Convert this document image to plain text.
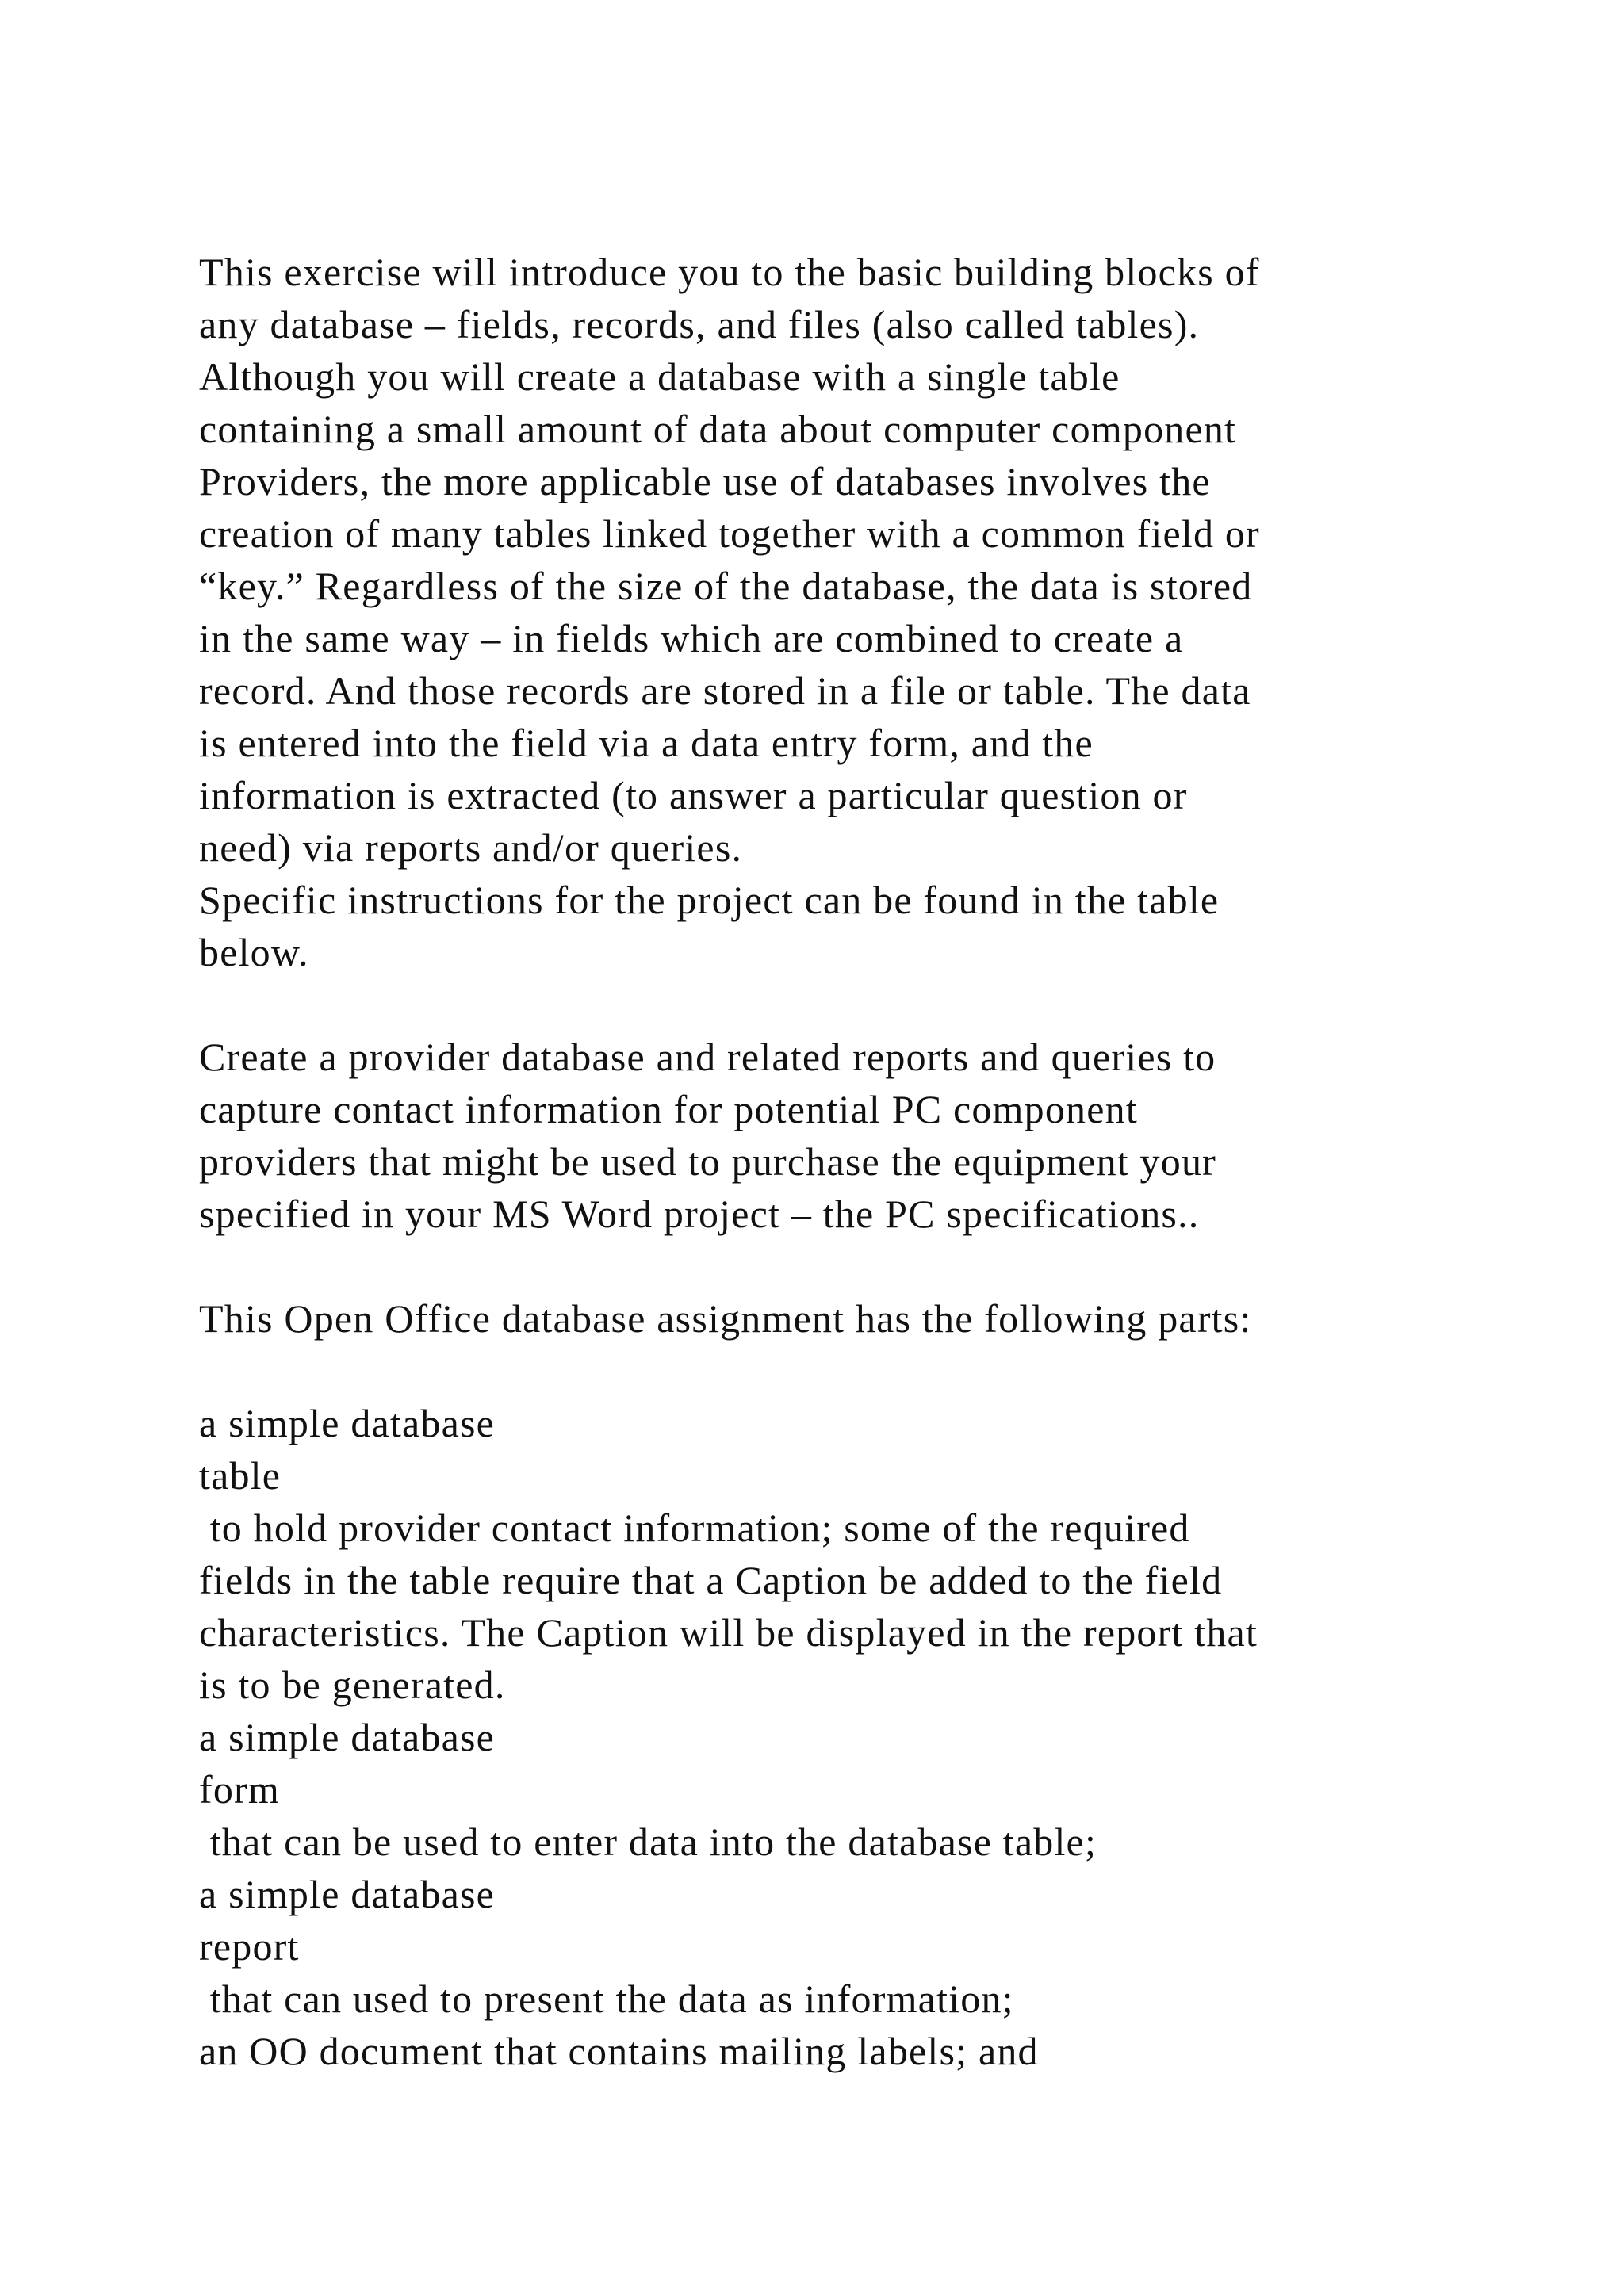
This exercise will introduce you to the basic building blocks of
any database – fields, records, and files (also called tables).
Although you will create a database with a single table
containing a small amount of data about computer component
Providers, the more applicable use of databases involves the
creation of many tables linked together with a common field or
“key.” Regardless of the size of the database, the data is stored
in the same way – in fields which are combined to create a
record. And those records are stored in a file or table. The data
is entered into the field via a data entry form, and the
information is extracted (to answer a particular question or
need) via reports and/or queries.
Specific instructions for the project can be found in the table
below.
Create a provider database and related reports and queries to
capture contact information for potential PC component
providers that might be used to purchase the equipment your
specified in your MS Word project – the PC specifications..
This Open Office database assignment has the following parts:
a simple database
table
to hold provider contact information; some of the required
fields in the table require that a Caption be added to the field
characteristics. The Caption will be displayed in the report that
is to be generated.
a simple database
form
that can be used to enter data into the database table;
a simple database
report
that can used to present the data as information;
an OO document that contains mailing labels; and
